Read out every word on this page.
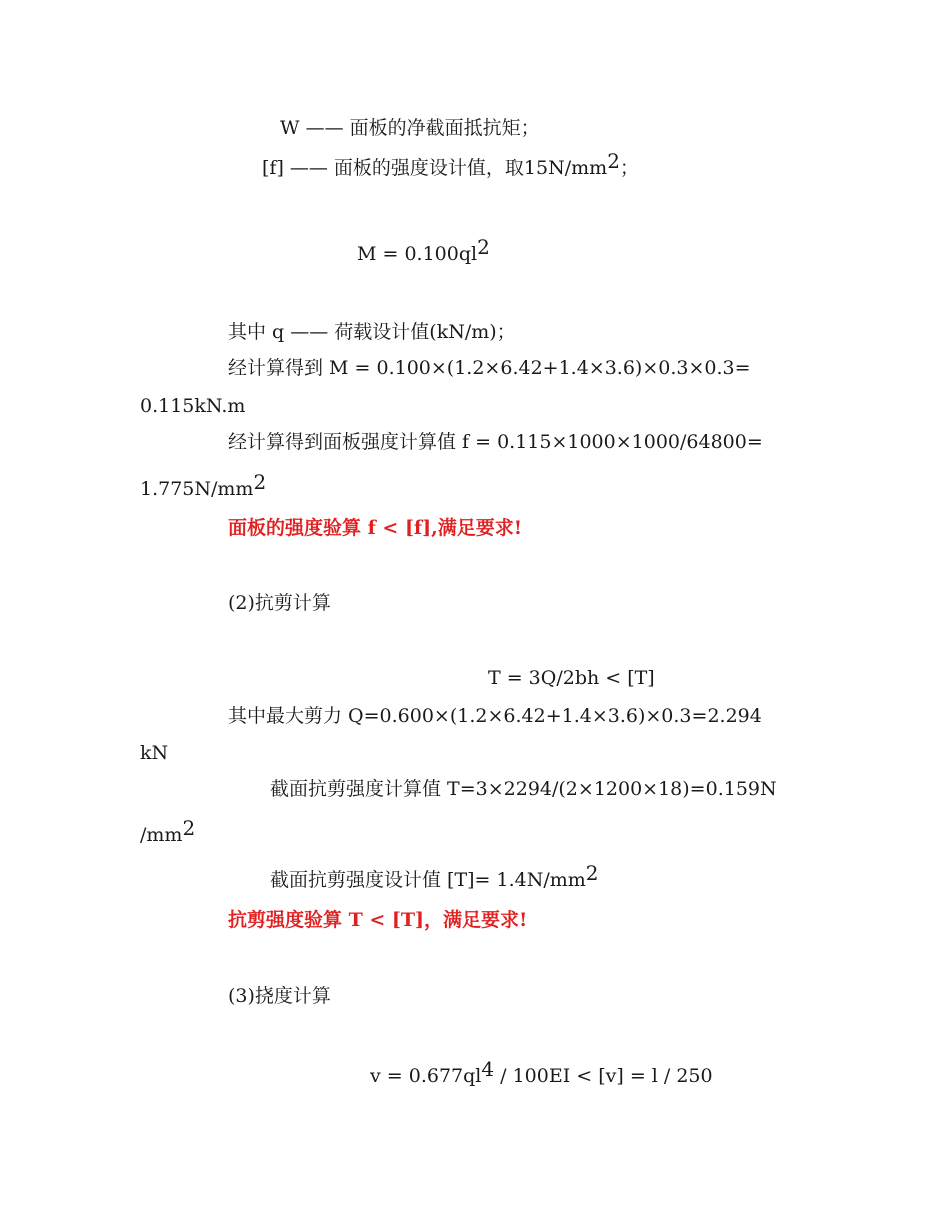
W —— 面板的净截面抵抗矩；
[f] —— 面板的强度设计值，取$15N/mm^2$；
$M = 0.100ql^2$
其中 q —— 荷载设计值(kN/m)；
经计算得到 M = 0.100×(1.2×6.42+1.4×3.6)×0.3×0.3=
0.115kN.m
经计算得到面板强度计算值 f = 0.115×1000×1000/64800=
$1.775N/mm^2$
面板的强度验算 f < [f],满足要求!
(2)抗剪计算
T = 3Q/2bh < [T]
其中最大剪力 Q=0.600×(1.2×6.42+1.4×3.6)×0.3=2.294
kN
截面抗剪强度计算值 T=3×2294/(2×1200×18)=0.159N
$/mm^2$
截面抗剪强度设计值 $[T]= 1.4N/mm^2$
抗剪强度验算 T < [T]，满足要求!
(3)挠度计算
$v = 0.677ql^4 / 100EI < [v] = l / 250$
